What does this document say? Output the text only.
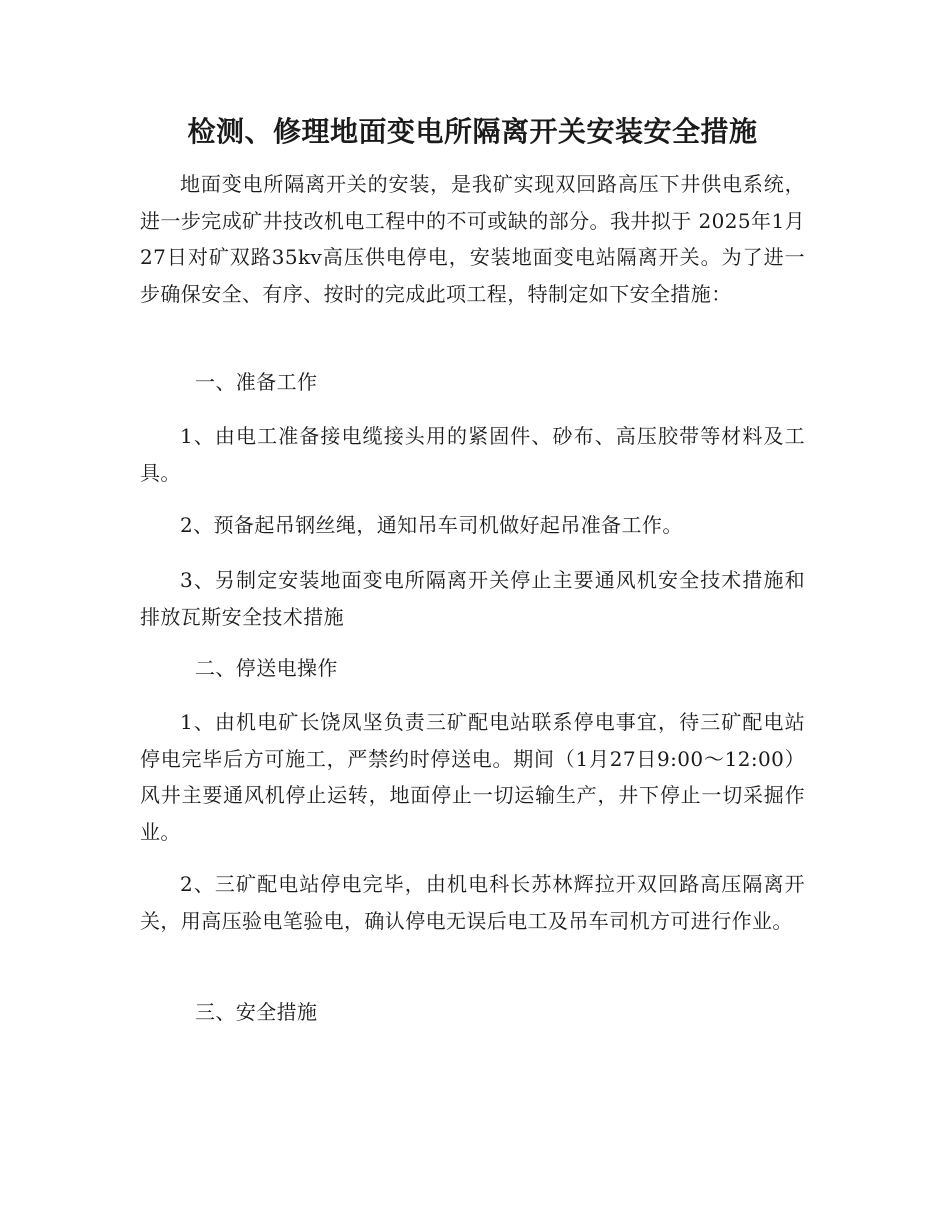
检测、修理地面变电所隔离开关安装安全措施

地面变电所隔离开关的安装，是我矿实现双回路高压下井供电系统，进一步完成矿井技改机电工程中的不可或缺的部分。我井拟于 2025年1月27日对矿双路35kv高压供电停电，安装地面变电站隔离开关。为了进一步确保安全、有序、按时的完成此项工程，特制定如下安全措施：

一、准备工作

1、由电工准备接电缆接头用的紧固件、砂布、高压胶带等材料及工具。

2、预备起吊钢丝绳，通知吊车司机做好起吊准备工作。

3、另制定安装地面变电所隔离开关停止主要通风机安全技术措施和排放瓦斯安全技术措施

二、停送电操作

1、由机电矿长饶凤坚负责三矿配电站联系停电事宜，待三矿配电站停电完毕后方可施工，严禁约时停送电。期间（1月27日9:00～12:00）风井主要通风机停止运转，地面停止一切运输生产，井下停止一切采掘作业。

2、三矿配电站停电完毕，由机电科长苏林辉拉开双回路高压隔离开关，用高压验电笔验电，确认停电无误后电工及吊车司机方可进行作业。

三、安全措施
